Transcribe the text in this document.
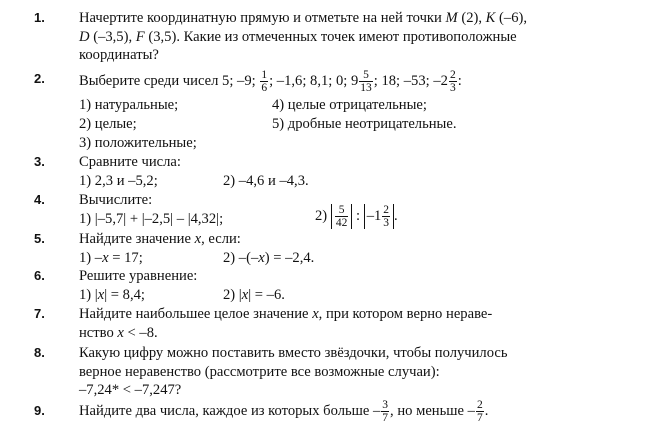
1. Начертите координатную прямую и отметьте на ней точки M (2), K (–6),
D (–3,5), F (3,5). Какие из отмеченных точек имеют противоположные
координаты?
2. Выберите среди чисел 5; –9; $\frac{1}{6}$ ; –1,6; 8,1; 0; $9 \frac{5}{13}$ ; 18; –53; $-2 \frac{2}{3}$ :
1) натуральные;	4) целые отрицательные;
2) целые;	5) дробные неотрицательные.
3) положительные;
3. Сравните числа:
1) 2,3 и –5,2;	2) –4,6 и –4,3.
4. Вычислите:
1) |–5,7| + |–2,5| – |4,32|;	$2) \frac{5}{42}$ : $-1 \frac{2}{3}$ .
5. Найдите значение x, если:
1) –x = 17;	2) –(–x) = –2,4.
6. Решите уравнение:
1) |x| = 8,4;	2) |x| = –6.
7. Найдите наибольшее целое значение x, при котором верно нераве-
нство x < –8.
8. Какую цифру можно поставить вместо звёздочки, чтобы получилось
верное неравенство (рассмотрите все возможные случаи):
–7,24* < –7,247?
9. Найдите два числа, каждое из которых больше – $\frac{3}{7}$ , но меньше – $\frac{2}{7}$ .
